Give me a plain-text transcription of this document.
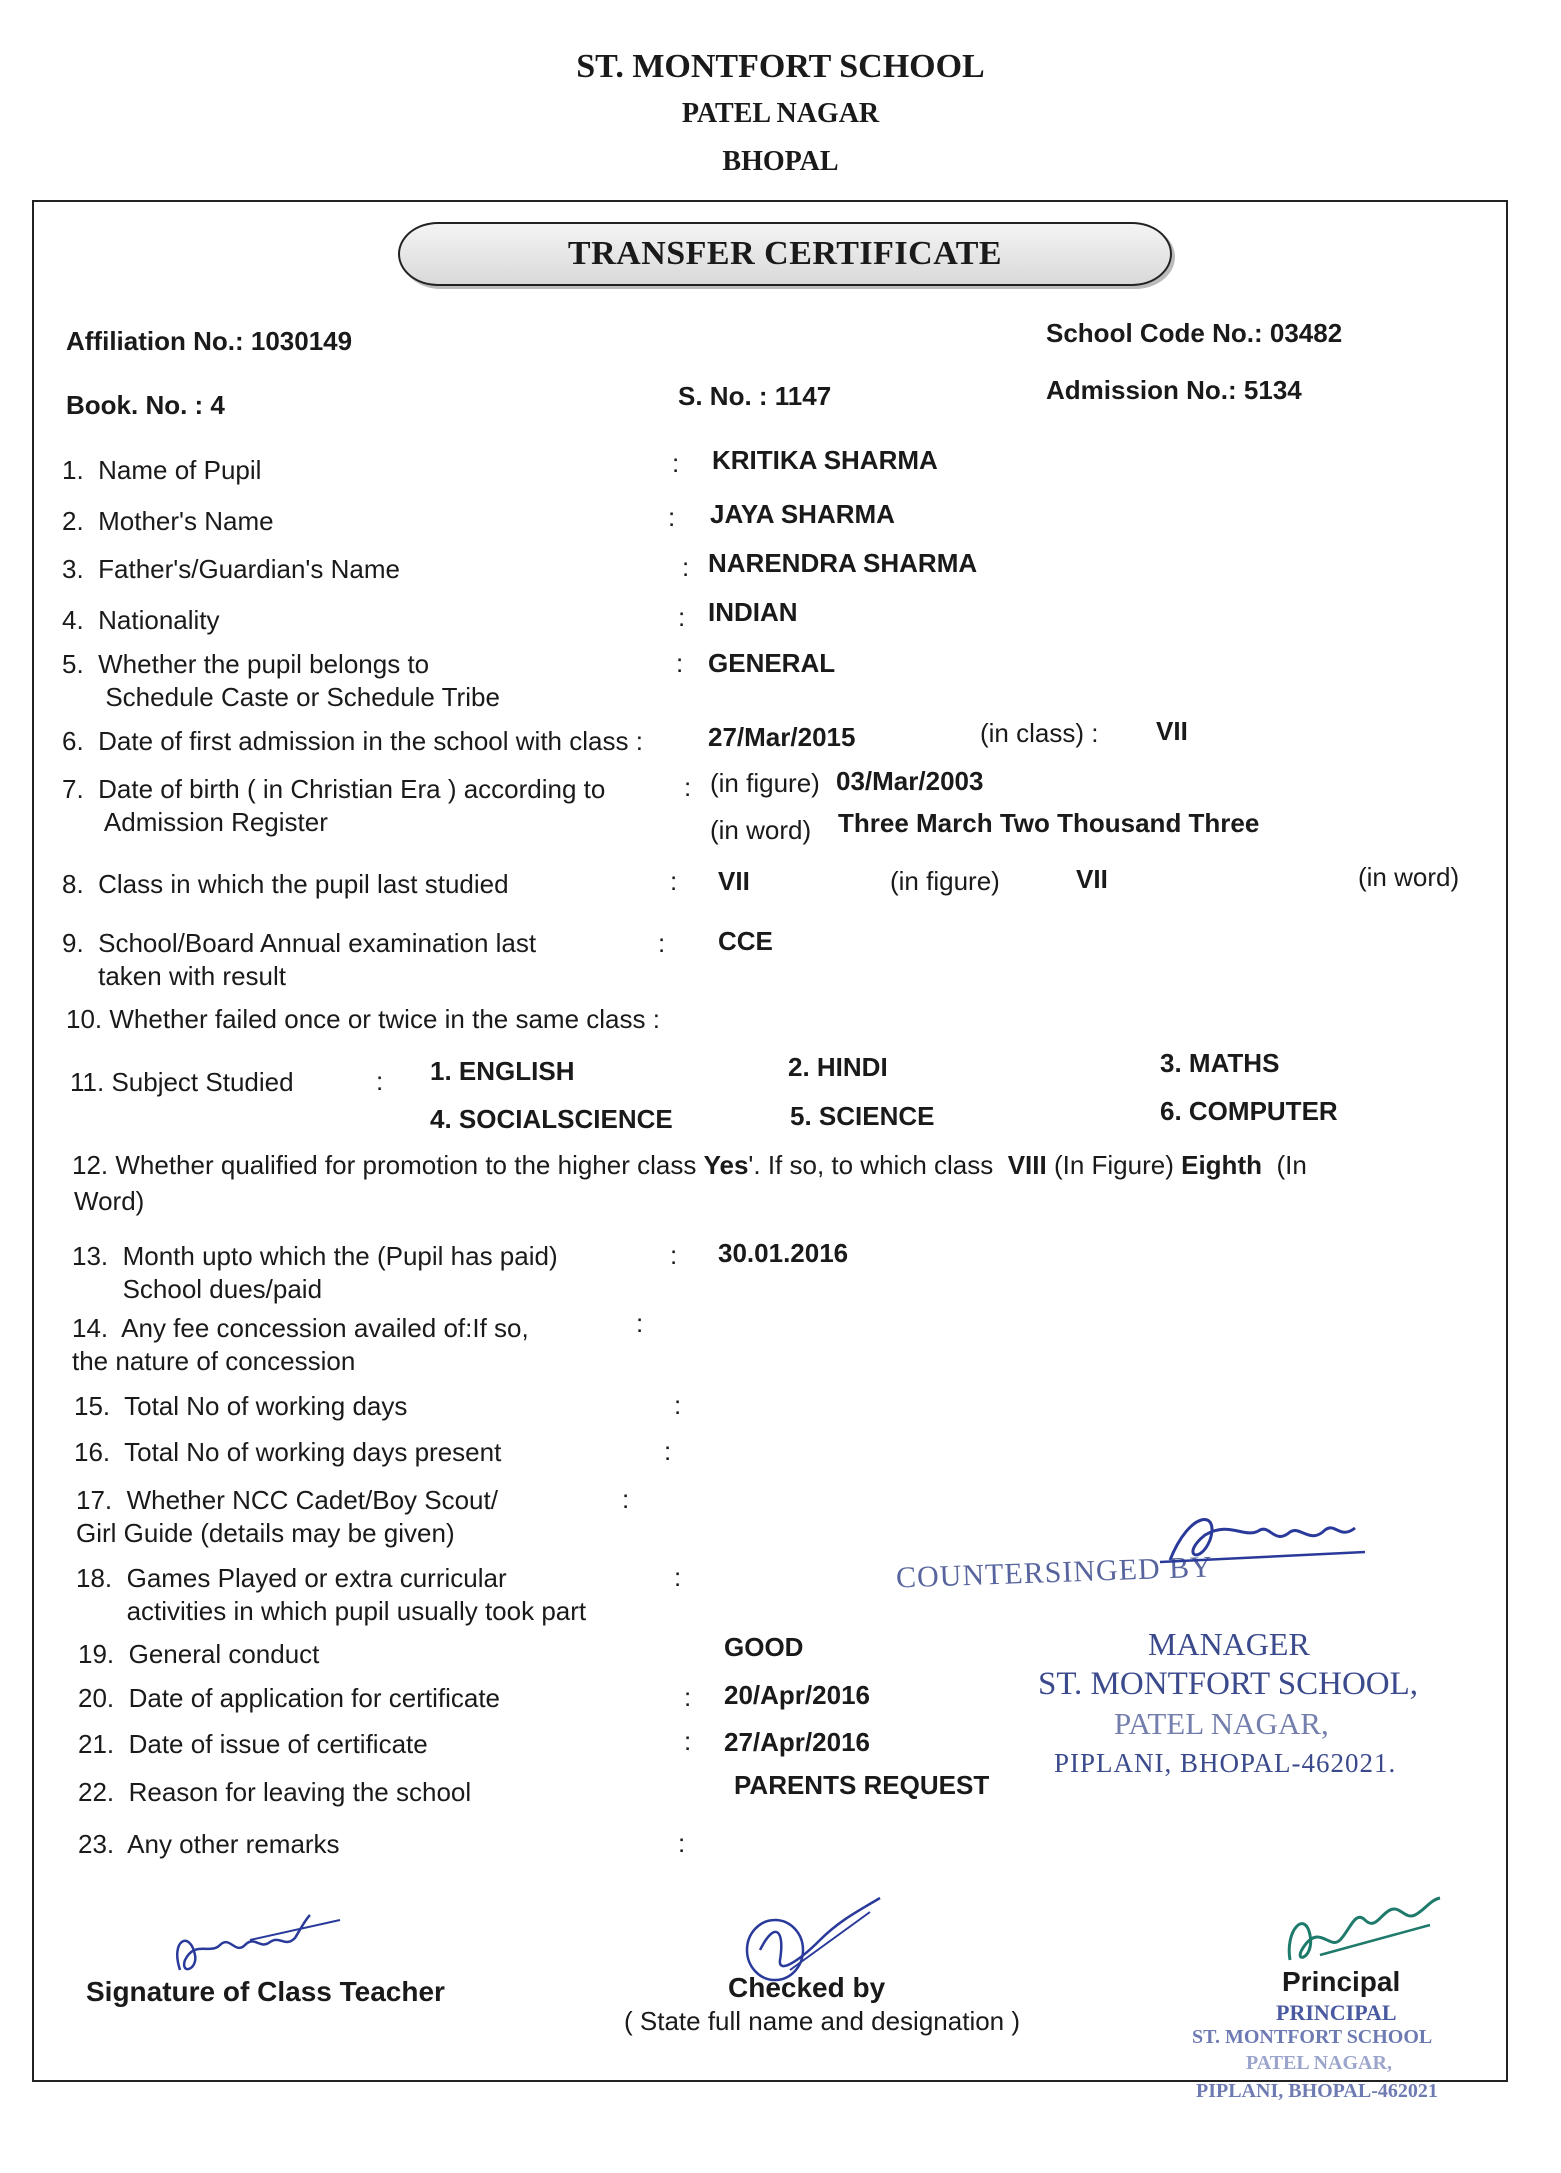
ST. MONTFORT SCHOOL
PATEL NAGAR
BHOPAL
TRANSFER CERTIFICATE
Affiliation No.: 1030149	School Code No.: 03482
Book. No. : 4	S. No. : 1147	Admission No.: 5134
1.  Name of Pupil	: KRITIKA SHARMA
2.  Mother's Name	: JAYA SHARMA
3.  Father's/Guardian's Name	: NARENDRA SHARMA
4.  Nationality	: INDIAN
5.  Whether the pupil belongs to
Schedule Caste or Schedule Tribe
: GENERAL
6.  Date of first admission in the school with class :	27/Mar/2015	(in class) : VII
7.  Date of birth ( in Christian Era ) according to
Admission Register
: (in figure) 03/Mar/2003
(in word) Three March Two Thousand Three
8.  Class in which the pupil last studied	: VII	(in figure)	VII	(in word)
9.  School/Board Annual examination last
taken with result
: CCE
10. Whether failed once or twice in the same class :
11. Subject Studied	: 1. ENGLISH	2. HINDI	3. MATHS
4. SOCIALSCIENCE	5. SCIENCE	6. COMPUTER
12. Whether qualified for promotion to the higher class Yes'. If so, to which class VIII (In Figure) Eighth (In
Word)
13.  Month upto which the (Pupil has paid)
School dues/paid
: 30.01.2016
14.  Any fee concession availed of:If so,
the nature of concession
:
15.  Total No of working days	:
16.  Total No of working days present	:
17.  Whether NCC Cadet/Boy Scout/
Girl Guide (details may be given)
:
18.  Games Played or extra curricular
activities in which pupil usually took part
:
19.  General conduct	GOOD
20.  Date of application for certificate	: 20/Apr/2016
21.  Date of issue of certificate	: 27/Apr/2016
22.  Reason for leaving the school	PARENTS REQUEST
23.  Any other remarks	:
COUNTERSINGED BY
MANAGER
ST. MONTFORT SCHOOL,
PATEL NAGAR,
PIPLANI, BHOPAL-462021.
Signature of Class Teacher	Checked by
( State full name and designation )
Principal
PRINCIPAL
ST. MONTFORT SCHOOL
PATEL NAGAR,
PIPLANI, BHOPAL-462021
